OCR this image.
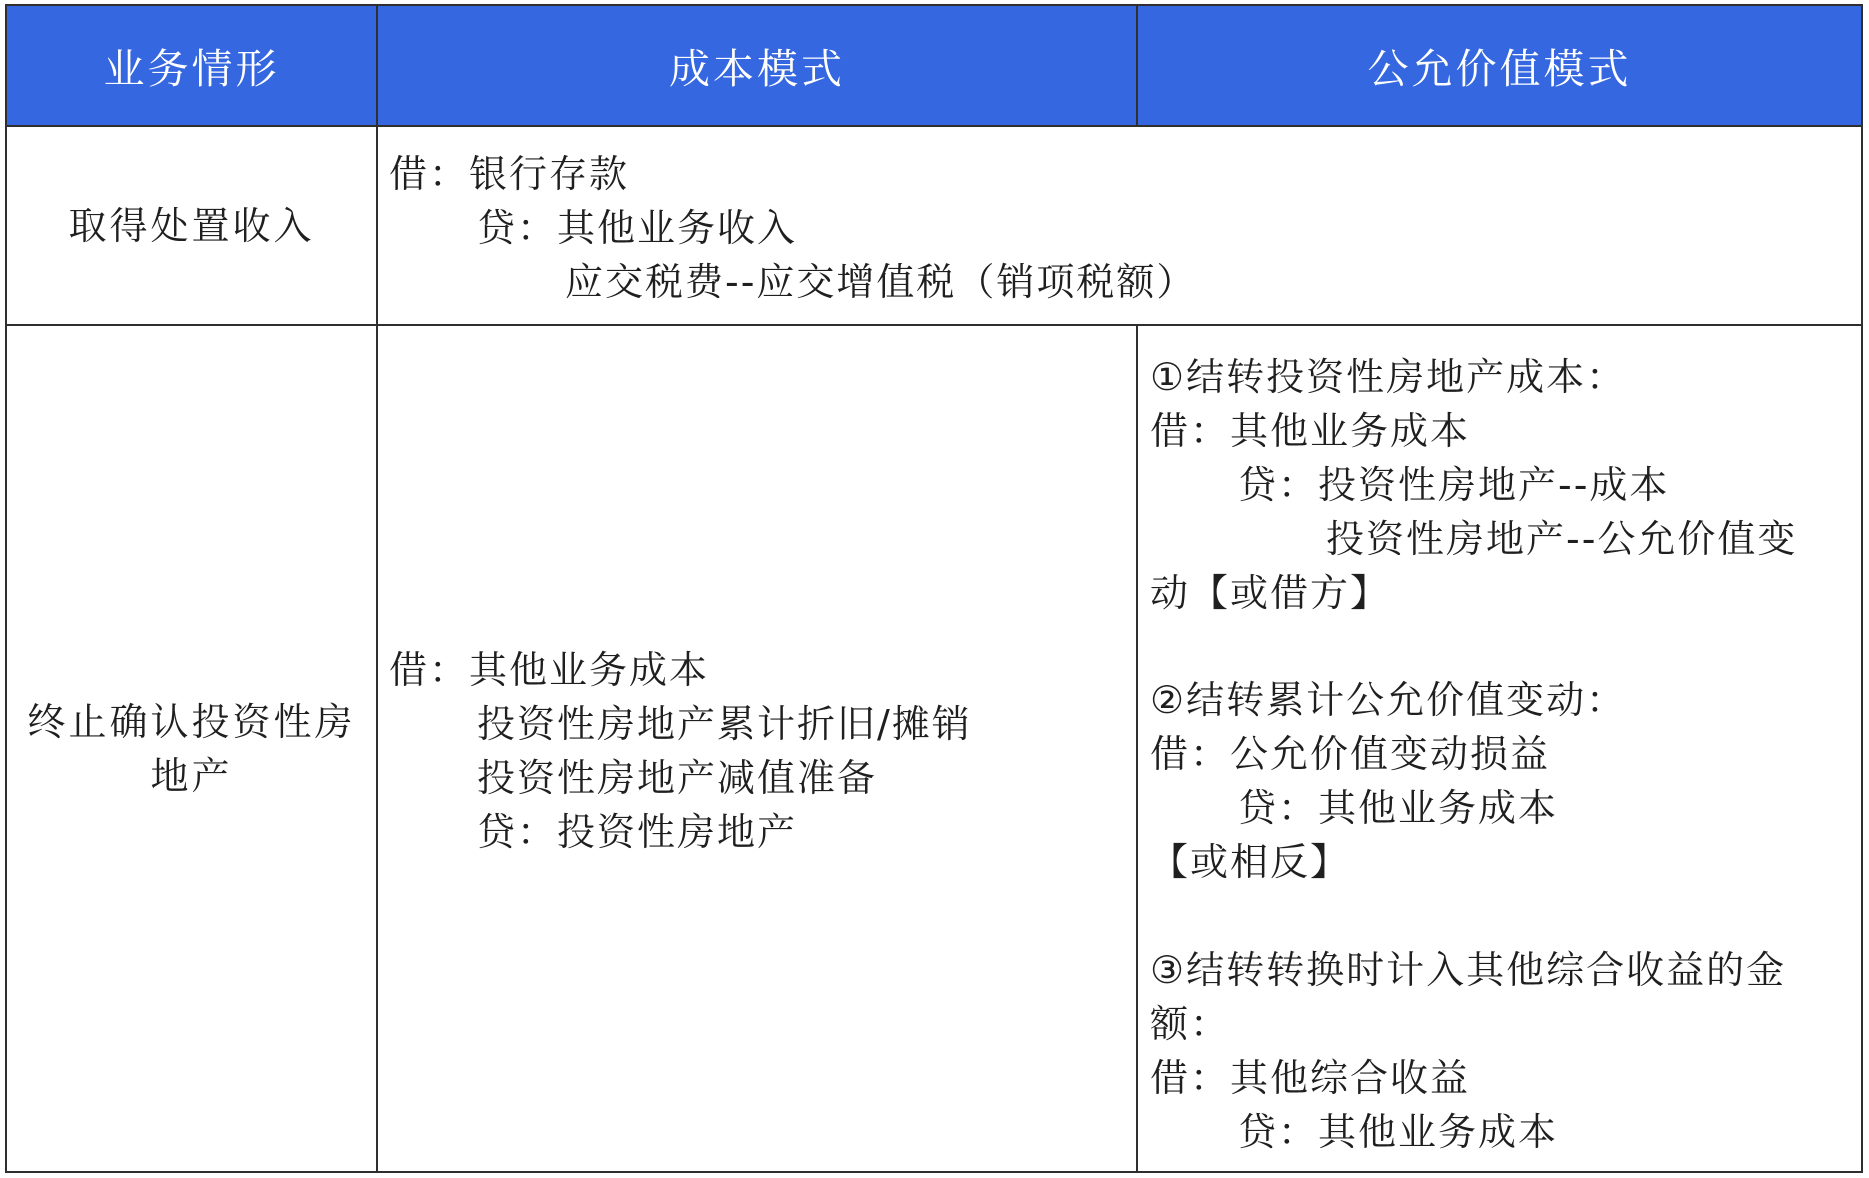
业务情形	成本模式	公允价值模式
取得处置收入
借：银行存款
贷：其他业务收入
应交税费--应交增值税（销项税额）
终止确认投资性房
地产
借：其他业务成本
投资性房地产累计折旧/摊销
投资性房地产减值准备
贷：投资性房地产
①结转投资性房地产成本：
借：其他业务成本
贷：投资性房地产--成本
投资性房地产--公允价值变
动【或借方】
②结转累计公允价值变动：
借：公允价值变动损益
贷：其他业务成本
【或相反】
③结转转换时计入其他综合收益的金
额：
借：其他综合收益
贷：其他业务成本
